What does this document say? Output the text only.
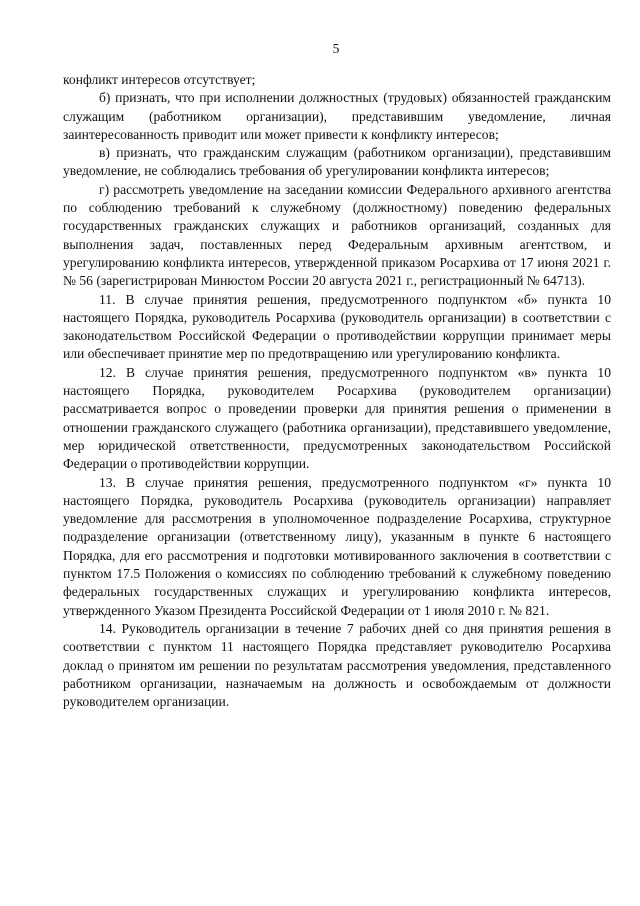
5

конфликт интересов отсутствует;

б) признать, что при исполнении должностных (трудовых) обязанностей гражданским служащим (работником организации), представившим уведомление, личная заинтересованность приводит или может привести к конфликту интересов;

в) признать, что гражданским служащим (работником организации), представившим уведомление, не соблюдались требования об урегулировании конфликта интересов;

г) рассмотреть уведомление на заседании комиссии Федерального архивного агентства по соблюдению требований к служебному (должностному) поведению федеральных государственных гражданских служащих и работников организаций, созданных для выполнения задач, поставленных перед Федеральным архивным агентством, и урегулированию конфликта интересов, утвержденной приказом Росархива от 17 июня 2021 г. № 56 (зарегистрирован Минюстом России 20 августа 2021 г., регистрационный № 64713).

11. В случае принятия решения, предусмотренного подпунктом «б» пункта 10 настоящего Порядка, руководитель Росархива (руководитель организации) в соответствии с законодательством Российской Федерации о противодействии коррупции принимает меры или обеспечивает принятие мер по предотвращению или урегулированию конфликта.

12. В случае принятия решения, предусмотренного подпунктом «в» пункта 10 настоящего Порядка, руководителем Росархива (руководителем организации) рассматривается вопрос о проведении проверки для принятия решения о применении в отношении гражданского служащего (работника организации), представившего уведомление, мер юридической ответственности, предусмотренных законодательством Российской Федерации о противодействии коррупции.

13. В случае принятия решения, предусмотренного подпунктом «г» пункта 10 настоящего Порядка, руководитель Росархива (руководитель организации) направляет уведомление для рассмотрения в уполномоченное подразделение Росархива, структурное подразделение организации (ответственному лицу), указанным в пункте 6 настоящего Порядка, для его рассмотрения и подготовки мотивированного заключения в соответствии с пунктом 17.5 Положения о комиссиях по соблюдению требований к служебному поведению федеральных государственных служащих и урегулированию конфликта интересов, утвержденного Указом Президента Российской Федерации от 1 июля 2010 г. № 821.

14. Руководитель организации в течение 7 рабочих дней со дня принятия решения в соответствии с пунктом 11 настоящего Порядка представляет руководителю Росархива доклад о принятом им решении по результатам рассмотрения уведомления, представленного работником организации, назначаемым на должность и освобождаемым от должности руководителем организации.
